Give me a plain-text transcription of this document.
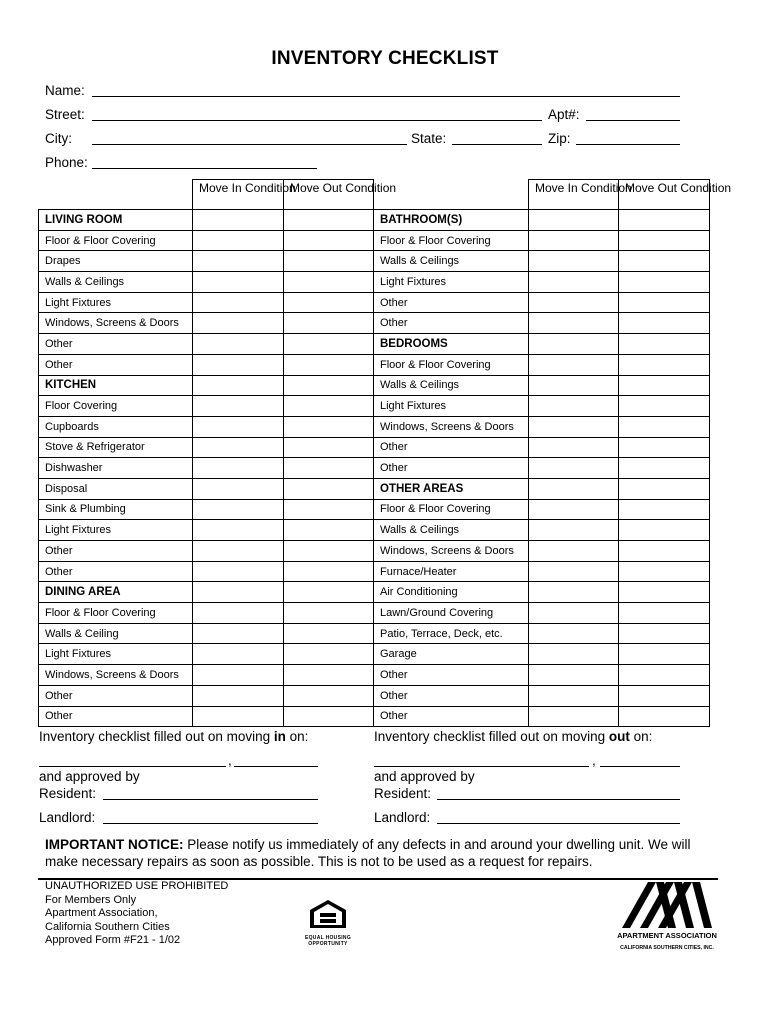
INVENTORY CHECKLIST
Name:
Street:	Apt#:
City:	State:	Zip:
Phone:
	Move In Condition	Move Out Condition		Move In Condition	Move Out Condition
LIVING ROOM			BATHROOM(S)		
Floor & Floor Covering			Floor & Floor Covering		
Drapes			Walls & Ceilings		
Walls & Ceilings			Light Fixtures		
Light Fixtures			Other		
Windows, Screens & Doors			Other		
Other			BEDROOMS		
Other			Floor & Floor Covering		
KITCHEN			Walls & Ceilings		
Floor Covering			Light Fixtures		
Cupboards			Windows, Screens & Doors		
Stove & Refrigerator			Other		
Dishwasher			Other		
Disposal			OTHER AREAS		
Sink & Plumbing			Floor & Floor Covering		
Light Fixtures			Walls & Ceilings		
Other			Windows, Screens & Doors		
Other			Furnace/Heater		
DINING AREA			Air Conditioning		
Floor & Floor Covering			Lawn/Ground Covering		
Walls & Ceiling			Patio, Terrace, Deck, etc.		
Light Fixtures			Garage		
Windows, Screens & Doors			Other		
Other			Other		
Other			Other		
Inventory checklist filled out on moving in on:	Inventory checklist filled out on moving out on:
,	,
and approved by
Resident:
Landlord:
and approved by
Resident:
Landlord:
IMPORTANT NOTICE: Please notify us immediately of any defects in and around your dwelling unit. We will make necessary repairs as soon as possible. This is not to be used as a request for repairs.
UNAUTHORIZED USE PROHIBITED
For Members Only
Apartment Association,
California Southern Cities
Approved Form #F21 - 1/02	EQUAL HOUSING
OPPORTUNITY
APARTMENT ASSOCIATION
CALIFORNIA SOUTHERN CITIES, INC.
